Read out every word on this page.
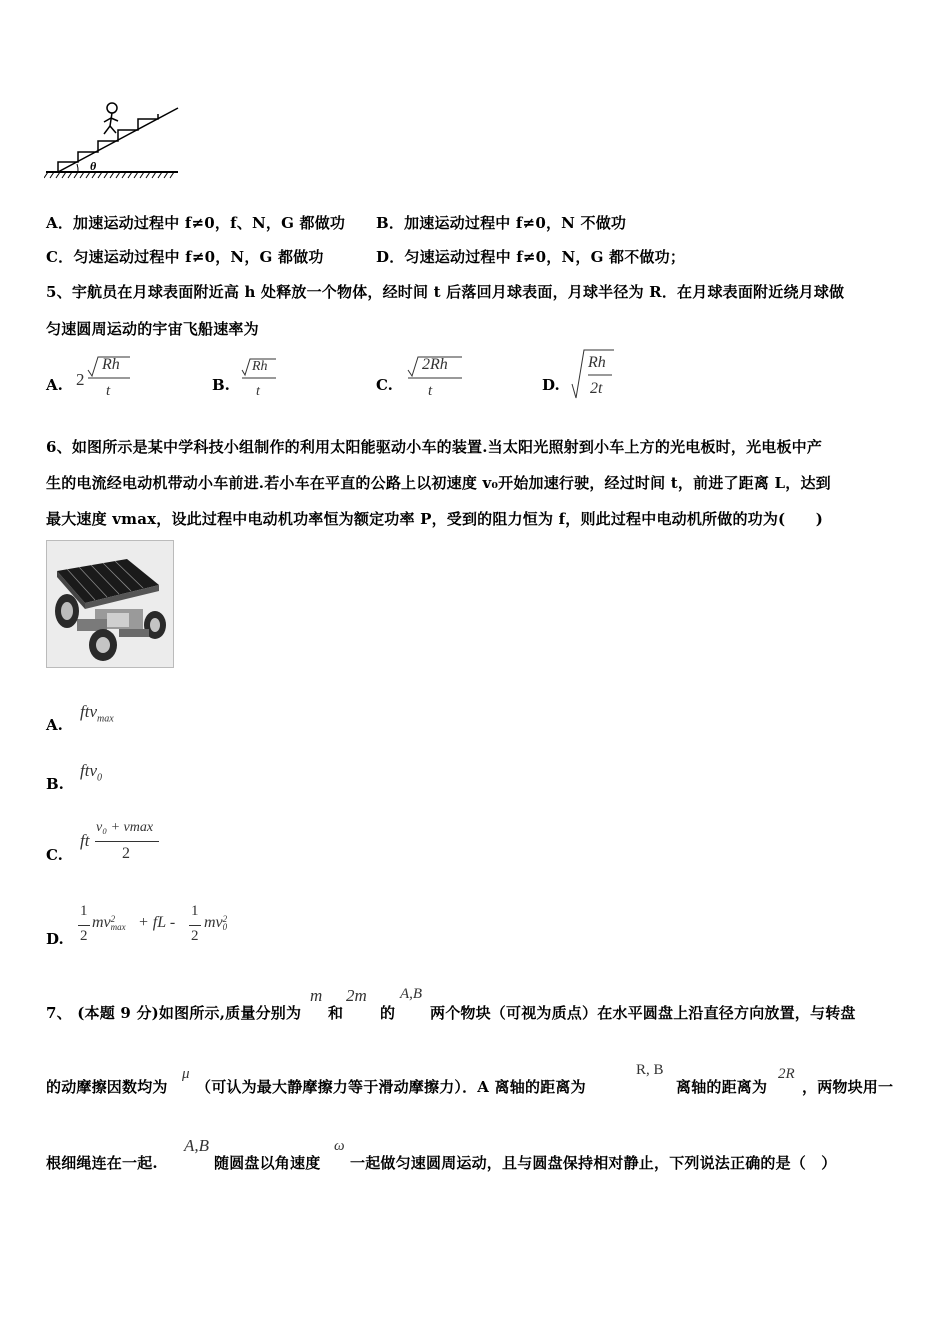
θ
A．加速运动过程中 f≠0，f、N，G 都做功 B．加速运动过程中 f≠0，N 不做功
C．匀速运动过程中 f≠0，N，G 都做功	D．匀速运动过程中 f≠0，N，G 都不做功；
5、宇航员在月球表面附近高 h 处释放一个物体，经时间 t 后落回月球表面，月球半径为 R．在月球表面附近绕月球做
匀速圆周运动的宇宙飞船速率为
A. 2
Rh
t	B.
Rh
t	C.
2Rh
t	D.
Rh
2t
6、如图所示是某中学科技小组制作的利用太阳能驱动小车的装置.当太阳光照射到小车上方的光电板时，光电板中产
生的电流经电动机带动小车前进.若小车在平直的公路上以初速度 v₀开始加速行驶，经过时间 t，前进了距离 L，达到
最大速度 vmax，设此过程中电动机功率恒为额定功率 P，受到的阻力恒为 f，则此过程中电动机所做的功为(　　)
A.
ftv$_{max}$
B.
ftv$_0$
C.
ft
v₀ + vmax
2
D.
1
2
mv 2
max + fL -
1
2
mv 2
0
7、 (本题 9 分)如图所示,质量分别为
m
和
2m
的
A,B
两个物块（可视为质点）在水平圆盘上沿直径方向放置，与转盘
的动摩擦因数均为
μ
（可认为最大静摩擦力等于滑动摩擦力）．A 离轴的距离为
R, B
离轴的距离为
2R
，两物块用一
根细绳连在一起.
A,B
随圆盘以角速度
ω
一起做匀速圆周运动，且与圆盘保持相对静止，下列说法正确的是（　）
